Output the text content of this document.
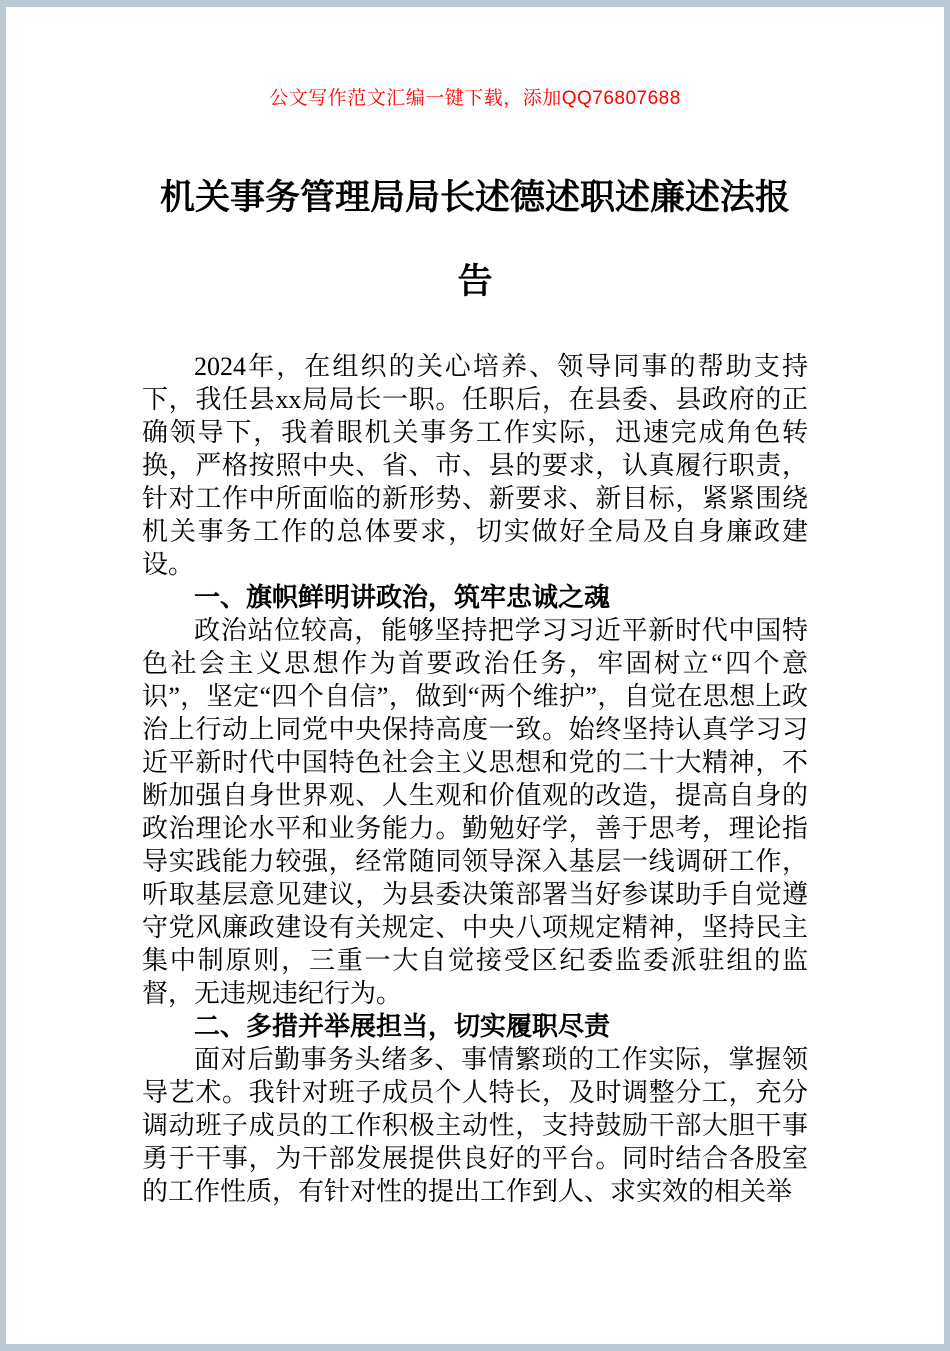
公文写作范文汇编一键下载，添加QQ76807688
机关事务管理局局长述德述职述廉述法报告

2024年，在组织的关心培养、领导同事的帮助支持下，我任县xx局局长一职。任职后，在县委、县政府的正确领导下，我着眼机关事务工作实际，迅速完成角色转换，严格按照中央、省、市、县的要求，认真履行职责，针对工作中所面临的新形势、新要求、新目标，紧紧围绕机关事务工作的总体要求，切实做好全局及自身廉政建设。

一、旗帜鲜明讲政治，筑牢忠诚之魂

政治站位较高，能够坚持把学习习近平新时代中国特色社会主义思想作为首要政治任务，牢固树立“四个意识”，坚定“四个自信”，做到“两个维护”，自觉在思想上政治上行动上同党中央保持高度一致。始终坚持认真学习习近平新时代中国特色社会主义思想和党的二十大精神，不断加强自身世界观、人生观和价值观的改造，提高自身的政治理论水平和业务能力。勤勉好学，善于思考，理论指导实践能力较强，经常随同领导深入基层一线调研工作，听取基层意见建议，为县委决策部署当好参谋助手自觉遵守党风廉政建设有关规定、中央八项规定精神，坚持民主集中制原则，三重一大自觉接受区纪委监委派驻组的监督，无违规违纪行为。

二、多措并举展担当，切实履职尽责

面对后勤事务头绪多、事情繁琐的工作实际，掌握领导艺术。我针对班子成员个人特长，及时调整分工，充分调动班子成员的工作积极主动性，支持鼓励干部大胆干事勇于干事，为干部发展提供良好的平台。同时结合各股室的工作性质，有针对性的提出工作到人、求实效的相关举
